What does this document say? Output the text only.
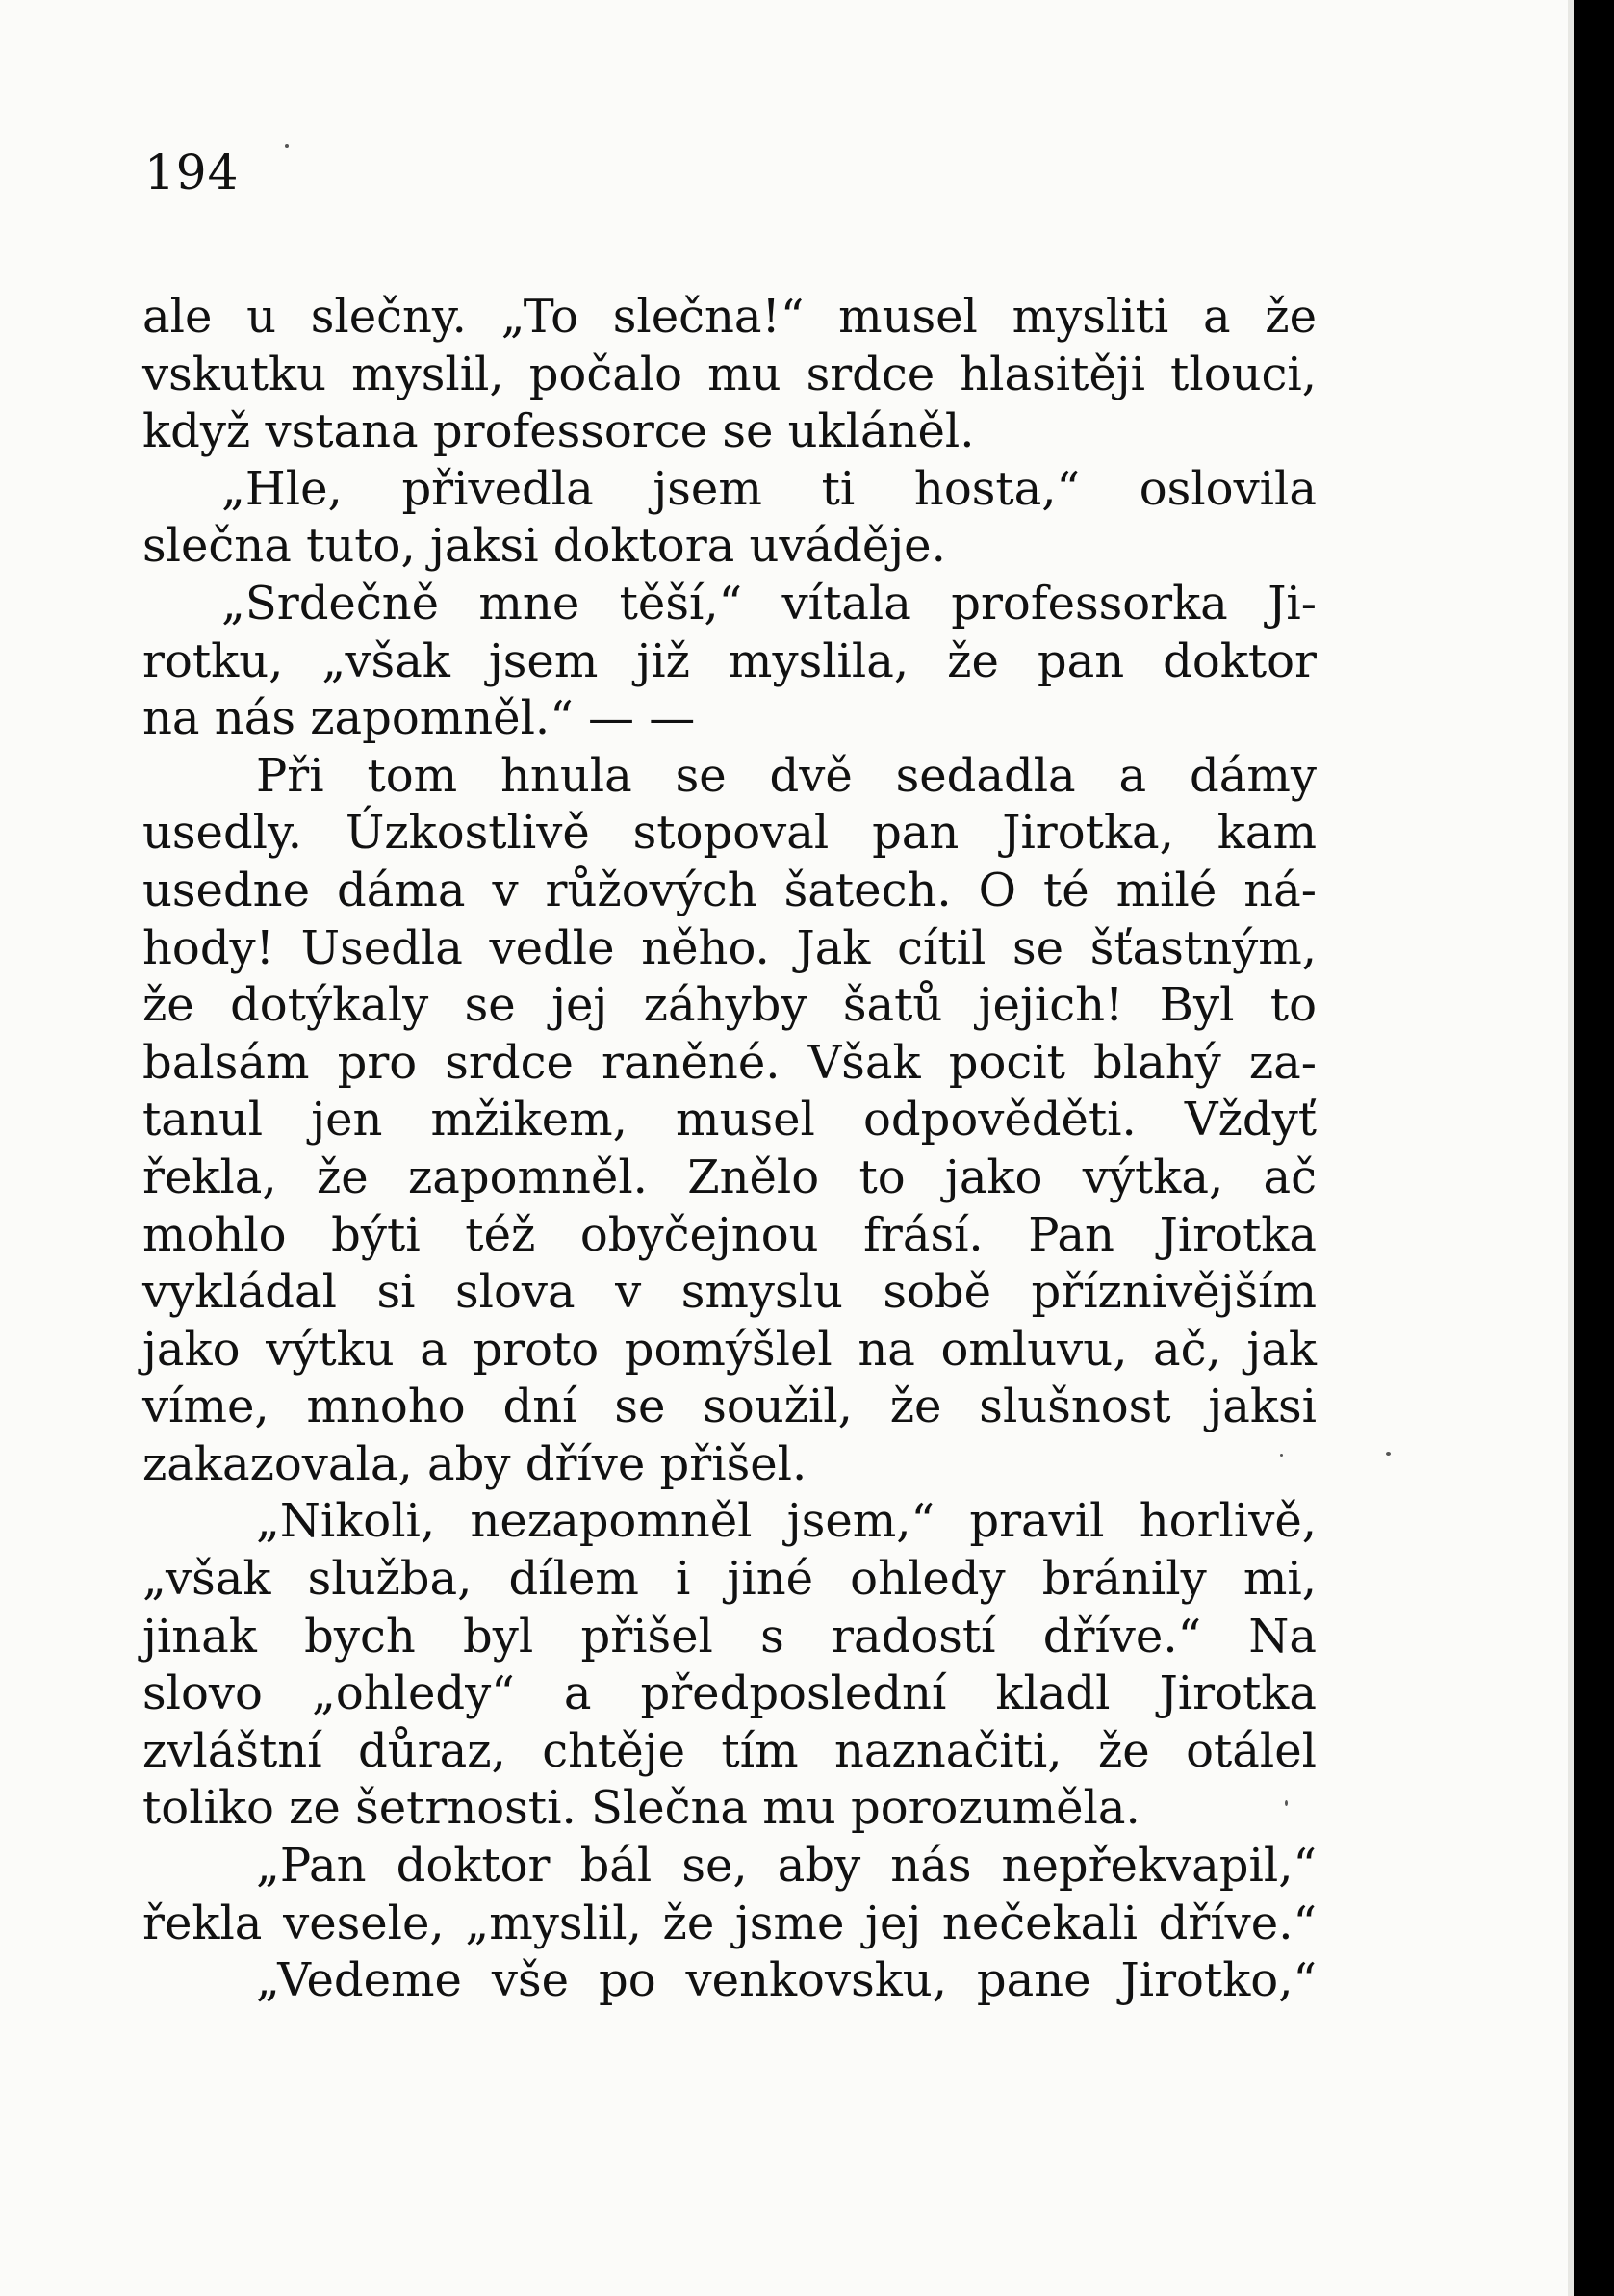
194
ale u slečny. „To slečna!“ musel mysliti a že
vskutku myslil, počalo mu srdce hlasitěji tlouci,
když vstana professorce se ukláněl.
„Hle, přivedla jsem ti hosta,“ oslovila
slečna tuto, jaksi doktora uváděje.
„Srdečně mne těší,“ vítala professorka Ji-
rotku, „však jsem již myslila, že pan doktor
na nás zapomněl.“ — —
Při tom hnula se dvě sedadla a dámy
usedly. Úzkostlivě stopoval pan Jirotka, kam
usedne dáma v růžových šatech. O té milé ná-
hody! Usedla vedle něho. Jak cítil se šťastným,
že dotýkaly se jej záhyby šatů jejich! Byl to
balsám pro srdce raněné. Však pocit blahý za-
tanul jen mžikem, musel odpověděti. Vždyť
řekla, že zapomněl. Znělo to jako výtka, ač
mohlo býti též obyčejnou frásí. Pan Jirotka
vykládal si slova v smyslu sobě příznivějším
jako výtku a proto pomýšlel na omluvu, ač, jak
víme, mnoho dní se soužil, že slušnost jaksi
zakazovala, aby dříve přišel.
„Nikoli, nezapomněl jsem,“ pravil horlivě,
„však služba, dílem i jiné ohledy bránily mi,
jinak bych byl přišel s radostí dříve.“ Na
slovo „ohledy“ a předposlední kladl Jirotka
zvláštní důraz, chtěje tím naznačiti, že otálel
toliko ze šetrnosti. Slečna mu porozuměla.
„Pan doktor bál se, aby nás nepřekvapil,“
řekla vesele, „myslil, že jsme jej nečekali dříve.“
„Vedeme vše po venkovsku, pane Jirotko,“
